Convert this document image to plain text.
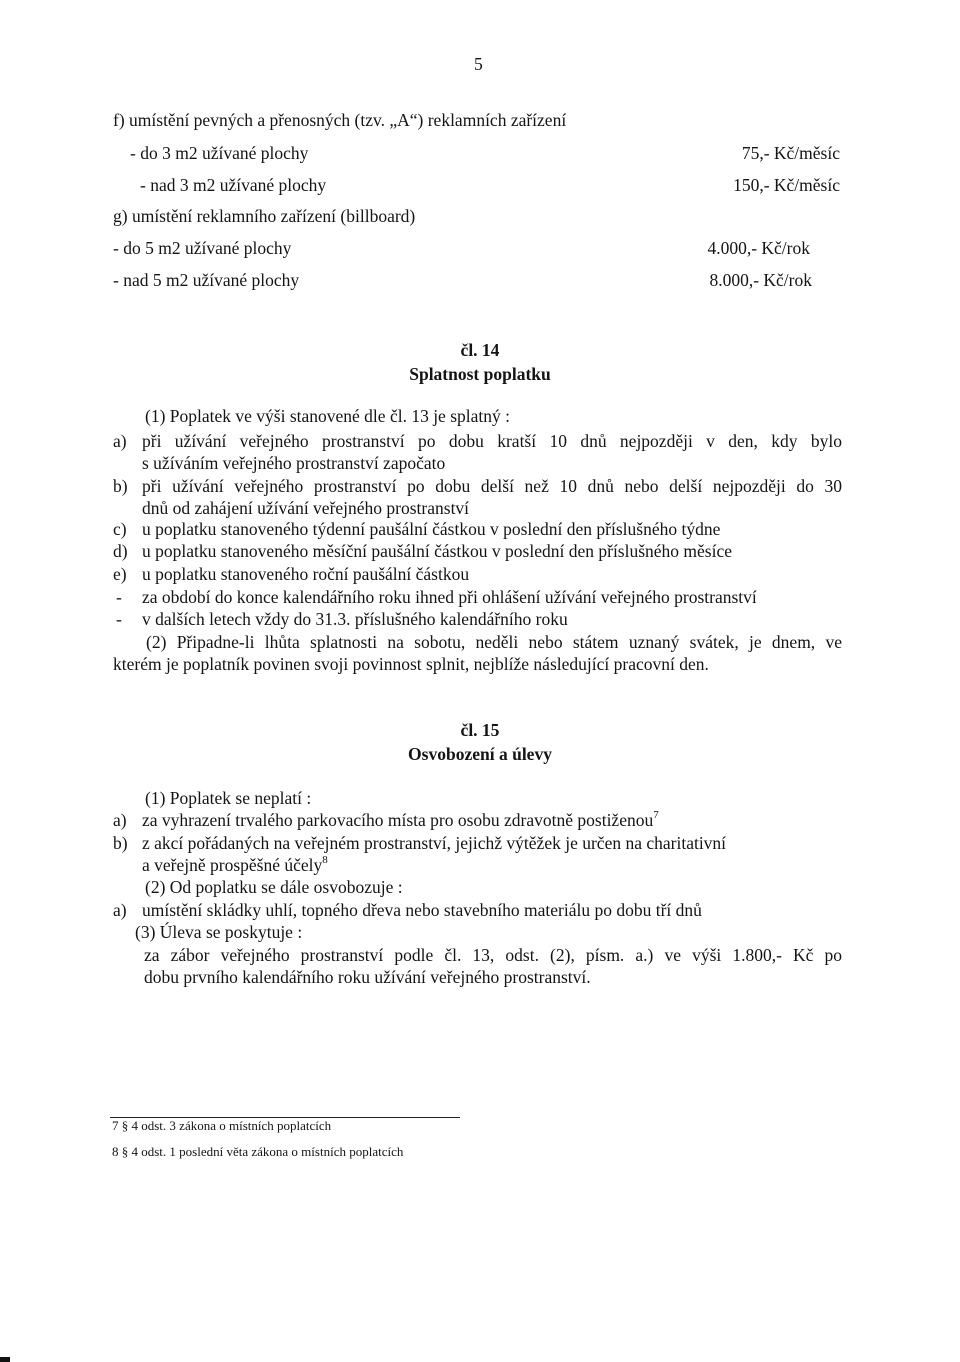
5
f) umístění pevných a přenosných (tzv. „A“) reklamních zařízení
- do 3 m2 užívané plochy	75,- Kč/měsíc
- nad 3 m2 užívané plochy	150,- Kč/měsíc
g) umístění reklamního zařízení (billboard)
- do 5 m2 užívané plochy	4.000,- Kč/rok
- nad 5 m2 užívané plochy	8.000,- Kč/rok
čl. 14
Splatnost poplatku
(1) Poplatek ve výši stanovené dle čl. 13 je splatný :
a) při užívání veřejného prostranství po dobu kratší 10 dnů nejpozději v den, kdy bylo
s užíváním veřejného prostranství započato
b) při užívání veřejného prostranství po dobu delší než 10 dnů nebo delší nejpozději do 30
dnů od zahájení užívání veřejného prostranství
c) u poplatku stanoveného týdenní paušální částkou v poslední den příslušného týdne
d) u poplatku stanoveného měsíční paušální částkou v poslední den příslušného měsíce
e) u poplatku stanoveného roční paušální částkou
- za období do konce kalendářního roku ihned při ohlášení užívání veřejného prostranství
- v dalších letech vždy do 31.3. příslušného kalendářního roku
(2) Připadne-li lhůta splatnosti na sobotu, neděli nebo státem uznaný svátek, je dnem, ve
kterém je poplatník povinen svoji povinnost splnit, nejblíže následující pracovní den.
čl. 15
Osvobození a úlevy
(1) Poplatek se neplatí :
a) za vyhrazení trvalého parkovacího místa pro osobu zdravotně postiženou$^7$
b) z akcí pořádaných na veřejném prostranství, jejichž výtěžek je určen na charitativní
a veřejně prospěšné účely$^8$
(2) Od poplatku se dále osvobozuje :
a) umístění skládky uhlí, topného dřeva nebo stavebního materiálu po dobu tří dnů
(3) Úleva se poskytuje :
za zábor veřejného prostranství podle čl. 13, odst. (2), písm. a.) ve výši 1.800,- Kč po
dobu prvního kalendářního roku užívání veřejného prostranství.
7 § 4 odst. 3 zákona o místních poplatcích
8 § 4 odst. 1 poslední věta zákona o místních poplatcích
